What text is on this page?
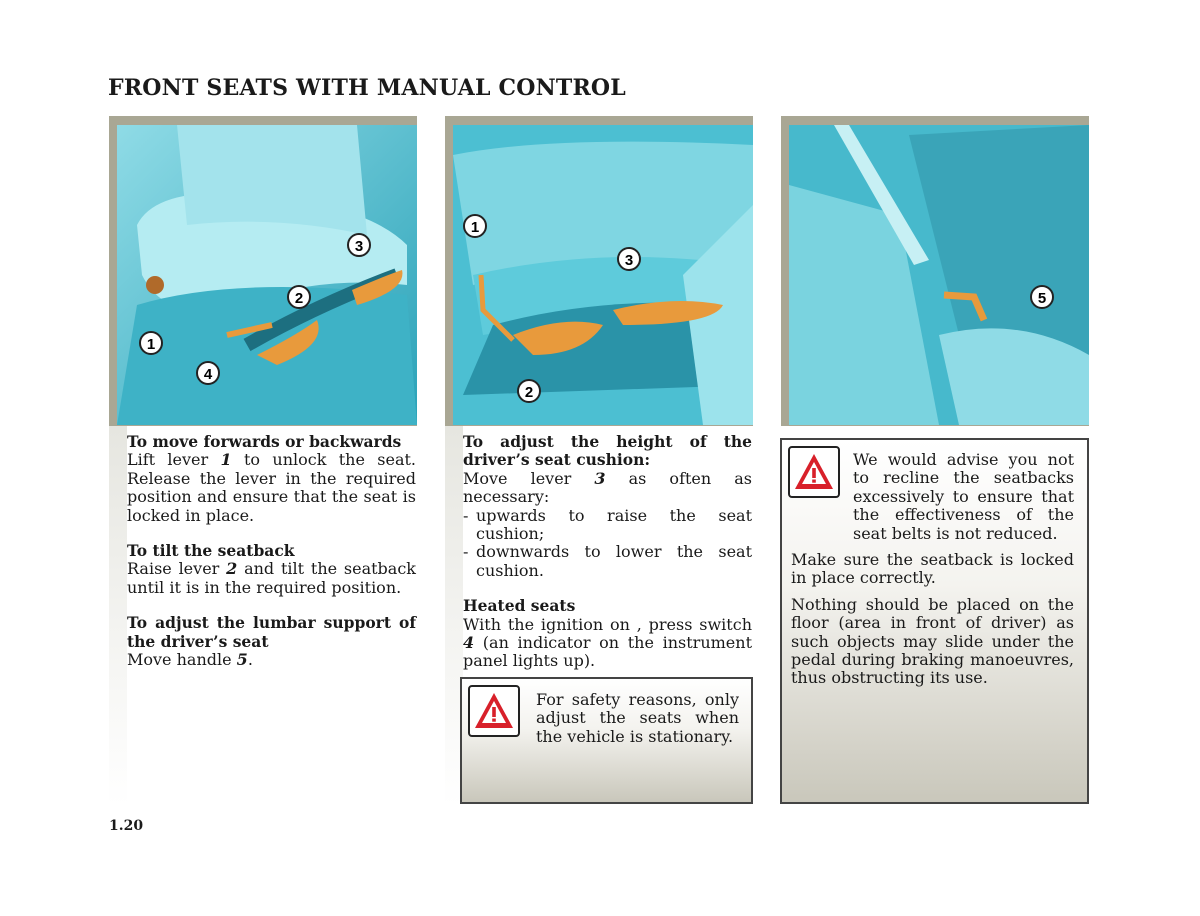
FRONT SEATS WITH MANUAL CONTROL
3
2
1
4
1
3
2
5

To move forwards or backwards

Lift lever 1 to unlock the seat. Release the lever in the required position and ensure that the seat is locked in place.

To tilt the seatback

Raise lever 2 and tilt the seatback until it is in the required position.

To adjust the lumbar support of the driver’s seat

Move handle 5.

To adjust the height of the driver’s seat cushion:

Move lever 3 as often as necessary:

- upwards to raise the seat cushion;
- downwards to lower the seat cushion.

Heated seats

With the ignition on , press switch 4 (an indicator on the instrument panel lights up).

For safety reasons, only adjust the seats when the vehicle is stationary.

We would advise you not to recline the seatbacks excessively to ensure that the effectiveness of the seat belts is not reduced.

Make sure the seatback is locked in place correctly.

Nothing should be placed on the floor (area in front of driver) as such objects may slide under the pedal during braking manoeuvres, thus obstructing its use.

1.20
